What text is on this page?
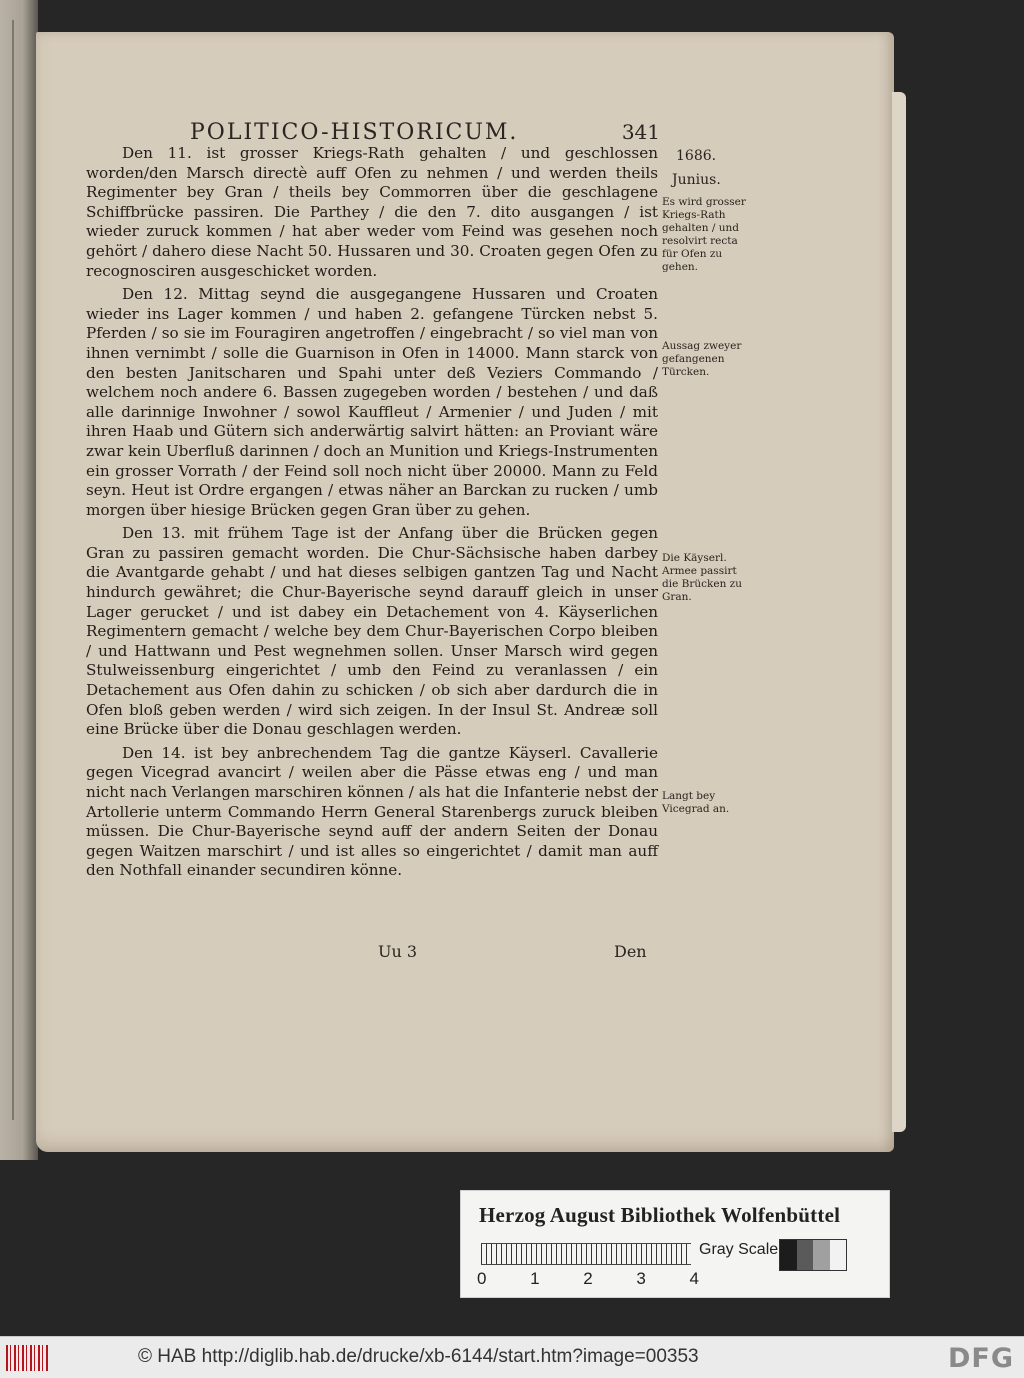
POLITICO-HISTORICUM.	341
1686.
Junius.
Es wird grosser Kriegs-Rath gehalten / und resolvirt recta für Ofen zu gehen.
Aussag zweyer gefangenen Türcken.
Die Käyserl. Armee passirt die Brücken zu Gran.
Langt bey Vicegrad an.

Den 11. ist grosser Kriegs-Rath gehalten / und geschlossen worden/den Marsch directè auff Ofen zu nehmen / und werden theils Regimenter bey Gran / theils bey Commorren über die geschlagene Schiffbrücke passiren. Die Parthey / die den 7. dito ausgangen / ist wieder zuruck kommen / hat aber weder vom Feind was gesehen noch gehört / dahero diese Nacht 50. Hussaren und 30. Croaten gegen Ofen zu recognosciren ausgeschicket worden.

Den 12. Mittag seynd die ausgegangene Hussaren und Croaten wieder ins Lager kommen / und haben 2. gefangene Türcken nebst 5. Pferden / so sie im Fouragiren angetroffen / eingebracht / so viel man von ihnen vernimbt / solle die Guarnison in Ofen in 14000. Mann starck von den besten Janitscharen und Spahi unter deß Veziers Commando / welchem noch andere 6. Bassen zugegeben worden / bestehen / und daß alle darinnige Inwohner / sowol Kauffleut / Armenier / und Juden / mit ihren Haab und Gütern sich anderwärtig salvirt hätten: an Proviant wäre zwar kein Uberfluß darinnen / doch an Munition und Kriegs-Instrumenten ein grosser Vorrath / der Feind soll noch nicht über 20000. Mann zu Feld seyn. Heut ist Ordre ergangen / etwas näher an Barckan zu rucken / umb morgen über hiesige Brücken gegen Gran über zu gehen.

Den 13. mit frühem Tage ist der Anfang über die Brücken gegen Gran zu passiren gemacht worden. Die Chur-Sächsische haben darbey die Avantgarde gehabt / und hat dieses selbigen gantzen Tag und Nacht hindurch gewähret; die Chur-Bayerische seynd darauff gleich in unser Lager gerucket / und ist dabey ein Detachement von 4. Käyserlichen Regimentern gemacht / welche bey dem Chur-Bayerischen Corpo bleiben / und Hattwann und Pest wegnehmen sollen. Unser Marsch wird gegen Stulweissenburg eingerichtet / umb den Feind zu veranlassen / ein Detachement aus Ofen dahin zu schicken / ob sich aber dardurch die in Ofen bloß geben werden / wird sich zeigen. In der Insul St. Andreæ soll eine Brücke über die Donau geschlagen werden.

Den 14. ist bey anbrechendem Tag die gantze Käyserl. Cavallerie gegen Vicegrad avancirt / weilen aber die Pässe etwas eng / und man nicht nach Verlangen marschiren können / als hat die Infanterie nebst der Artollerie unterm Commando Herrn General Starenbergs zuruck bleiben müssen. Die Chur-Bayerische seynd auff der andern Seiten der Donau gegen Waitzen marschirt / und ist alles so eingerichtet / damit man auff den Nothfall einander secundiren könne.

Uu 3	Den
Herzog August Bibliothek Wolfenbüttel
0	1	2	3	4
Gray Scale
© HAB http://diglib.hab.de/drucke/xb-6144/start.htm?image=00353	DFG
